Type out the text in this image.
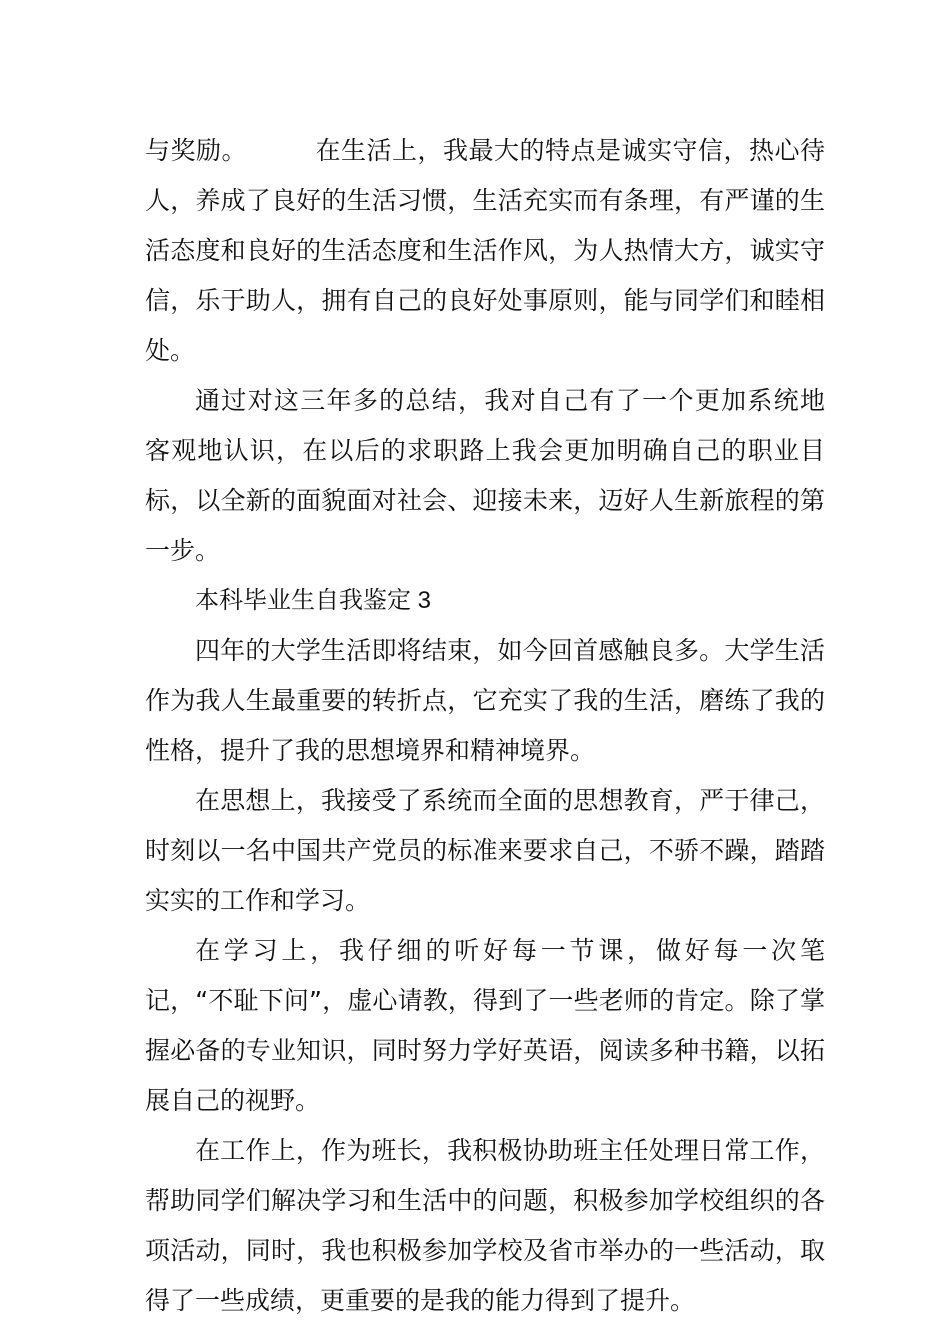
与奖励。	在生活上，我最大的特点是诚实守信，热心待人，养成了良好的生活习惯，生活充实而有条理，有严谨的生活态度和良好的生活态度和生活作风，为人热情大方，诚实守信，乐于助人，拥有自己的良好处事原则，能与同学们和睦相处。

通过对这三年多的总结，我对自己有了一个更加系统地 客观地认识，在以后的求职路上我会更加明确自己的职业目标，以全新的面貌面对社会、迎接未来，迈好人生新旅程的第一步。

本科毕业生自我鉴定 3

四年的大学生活即将结束，如今回首感触良多。大学生活作为我人生最重要的转折点，它充实了我的生活，磨练了我的性格，提升了我的思想境界和精神境界。

在思想上，我接受了系统而全面的思想教育，严于律己，时刻以一名中国共产党员的标准来要求自己，不骄不躁，踏踏实实的工作和学习。

在学习上，我仔细的听好每一节课，做好每一次笔记，“不耻下问”，虚心请教，得到了一些老师的肯定。除了掌握必备的专业知识，同时努力学好英语，阅读多种书籍，以拓展自己的视野。

在工作上，作为班长，我积极协助班主任处理日常工作，帮助同学们解决学习和生活中的问题，积极参加学校组织的各项活动，同时，我也积极参加学校及省市举办的一些活动，取得了一些成绩，更重要的是我的能力得到了提升。
